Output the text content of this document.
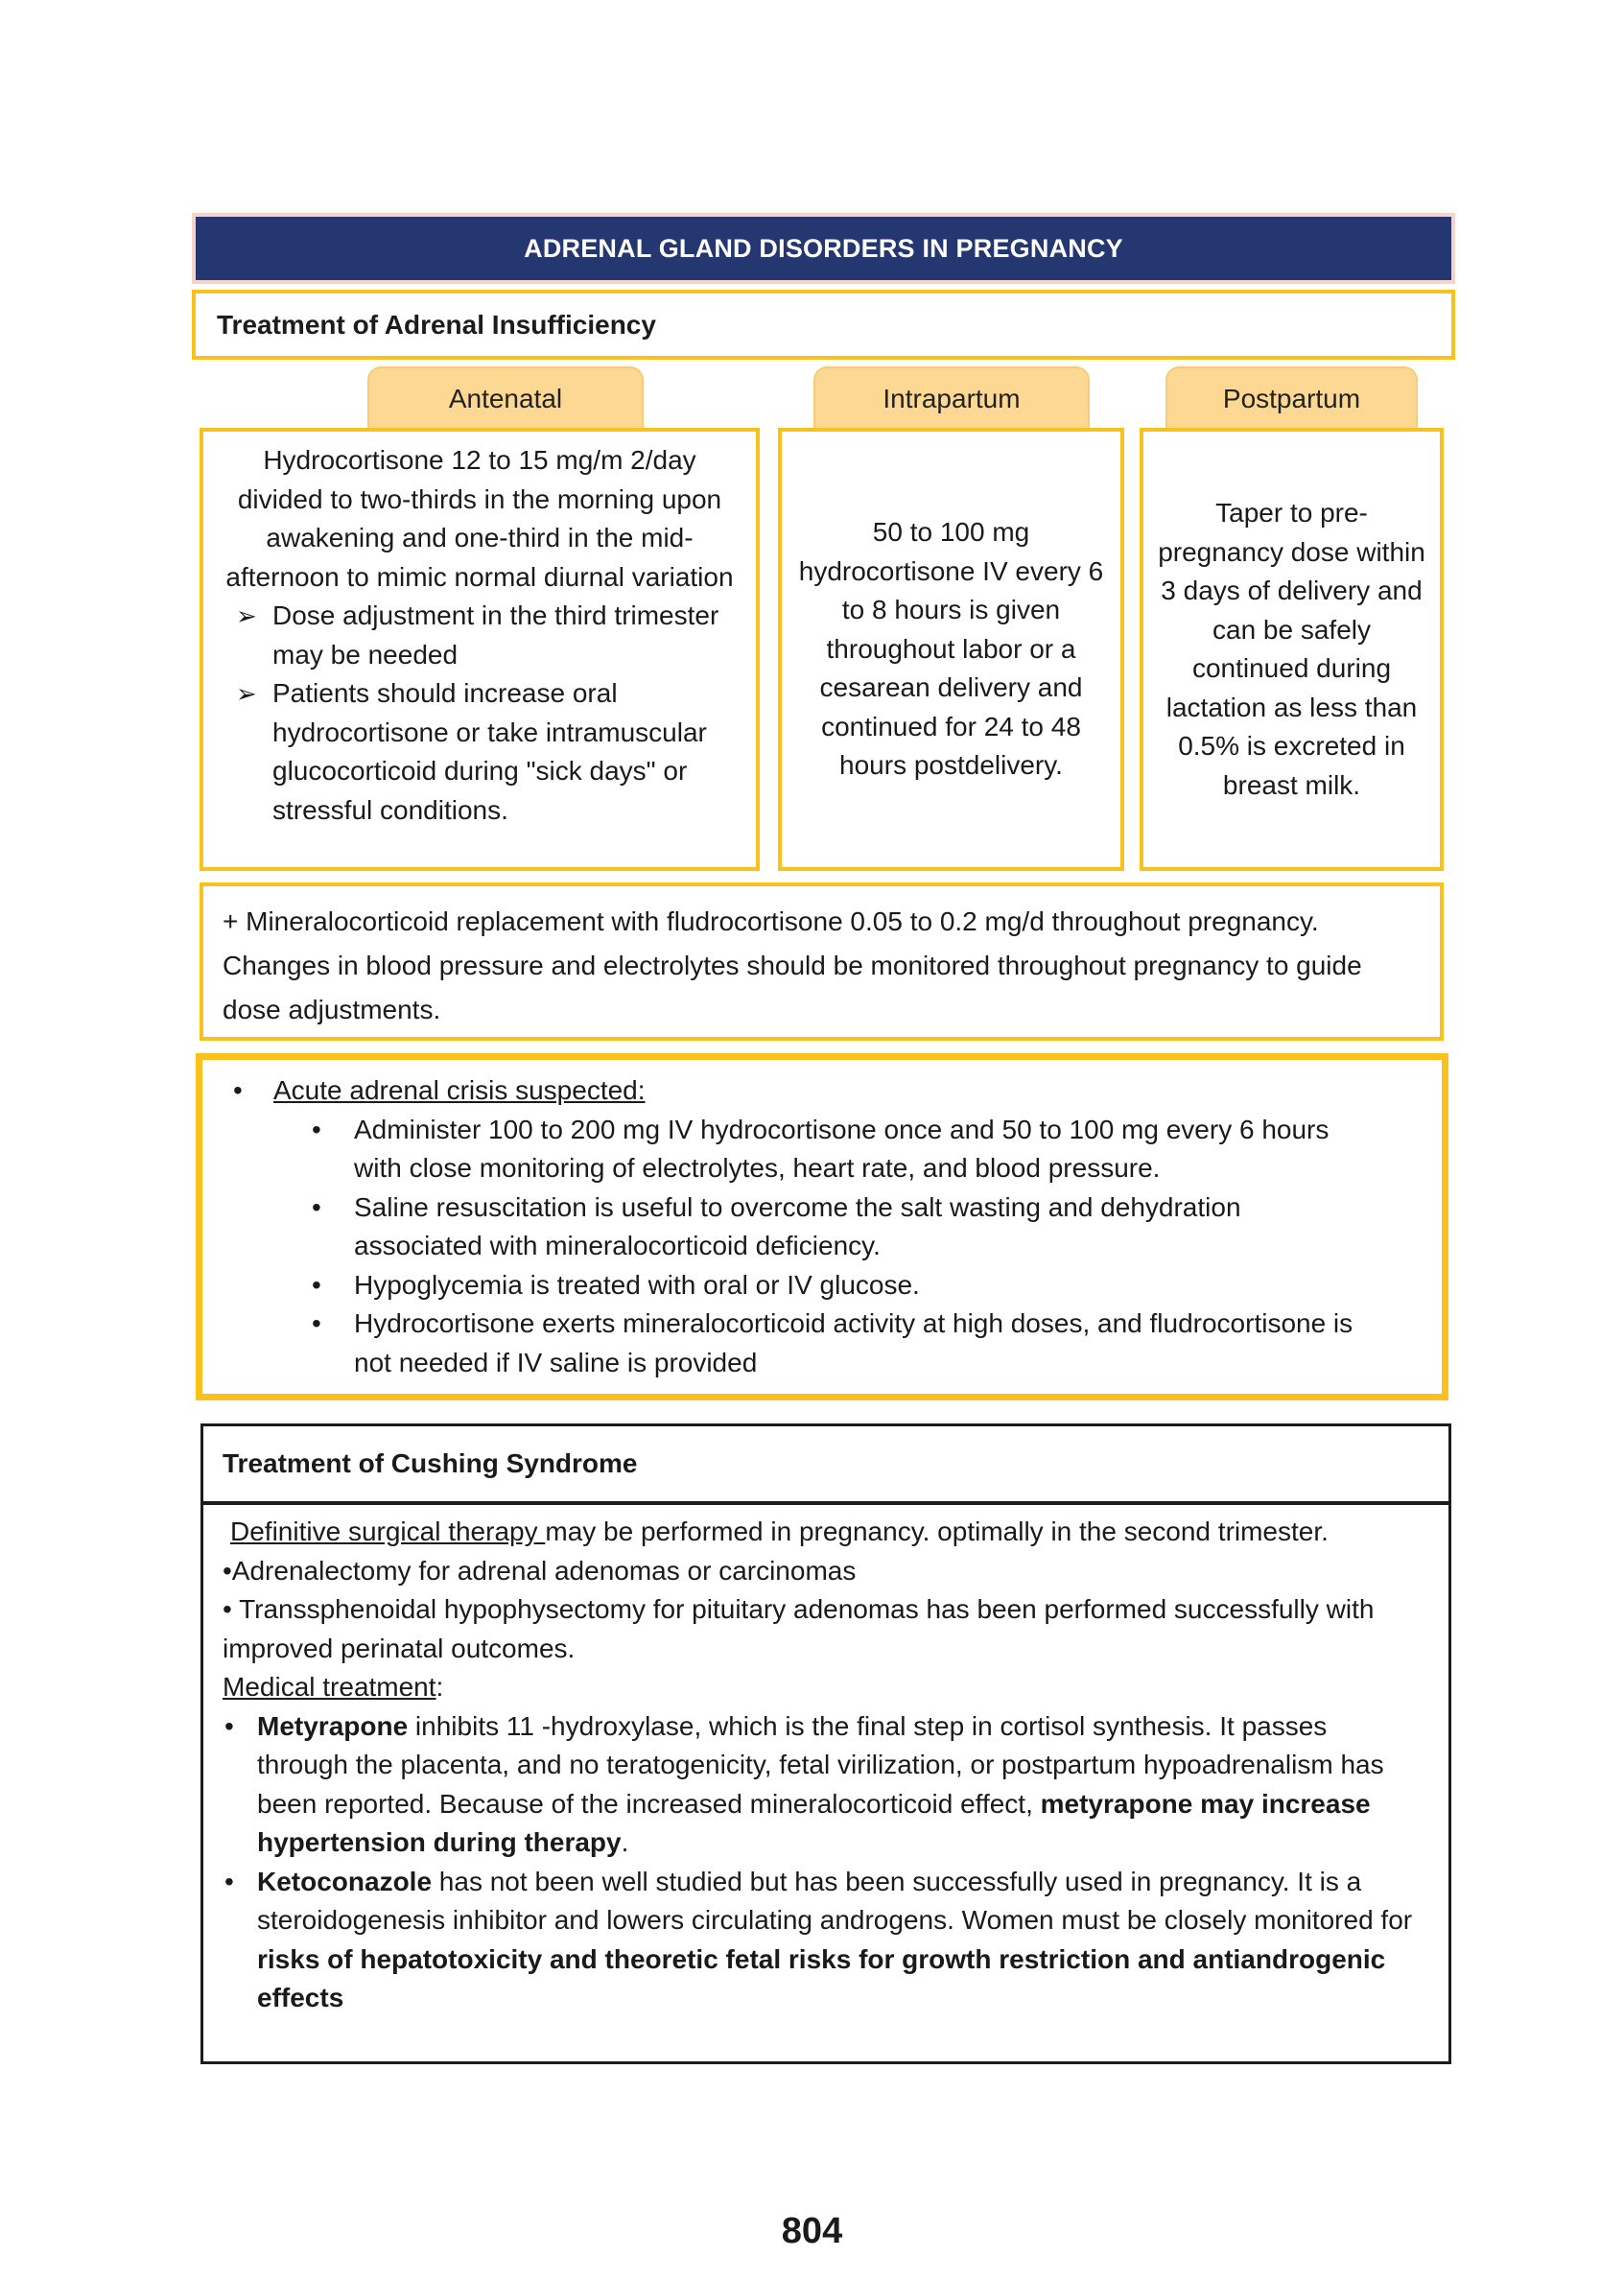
ADRENAL GLAND DISORDERS IN PREGNANCY
Treatment of Adrenal Insufficiency
Antenatal	Intrapartum	Postpartum

Hydrocortisone 12 to 15 mg/m 2/day divided to two-thirds in the morning upon awakening and one-third in the mid-afternoon to mimic normal diurnal variation

➢ Dose adjustment in the third trimester may be needed
➢ Patients should increase oral hydrocortisone or take intramuscular glucocorticoid during "sick days" or stressful conditions.
50 to 100 mg hydrocortisone IV every 6 to 8 hours is given throughout labor or a cesarean delivery and continued for 24 to 48 hours postdelivery.
Taper to pre-pregnancy dose within 3 days of delivery and can be safely continued during lactation as less than 0.5% is excreted in breast milk.
+ Mineralocorticoid replacement with fludrocortisone 0.05 to 0.2 mg/d throughout pregnancy. Changes in blood pressure and electrolytes should be monitored throughout pregnancy to guide dose adjustments.
• Acute adrenal crisis suspected:
• Administer 100 to 200 mg IV hydrocortisone once and 50 to 100 mg every 6 hours with close monitoring of electrolytes, heart rate, and blood pressure.
• Saline resuscitation is useful to overcome the salt wasting and dehydration associated with mineralocorticoid deficiency.
• Hypoglycemia is treated with oral or IV glucose.
• Hydrocortisone exerts mineralocorticoid activity at high doses, and fludrocortisone is not needed if IV saline is provided
Treatment of Cushing Syndrome

Definitive surgical therapy may be performed in pregnancy. optimally in the second trimester.

•Adrenalectomy for adrenal adenomas or carcinomas

• Transsphenoidal hypophysectomy for pituitary adenomas has been performed successfully with improved perinatal outcomes.

Medical treatment:

• Metyrapone inhibits 11 -hydroxylase, which is the final step in cortisol synthesis. It passes through the placenta, and no teratogenicity, fetal virilization, or postpartum hypoadrenalism has been reported. Because of the increased mineralocorticoid effect, metyrapone may increase hypertension during therapy.
• Ketoconazole has not been well studied but has been successfully used in pregnancy. It is a steroidogenesis inhibitor and lowers circulating androgens. Women must be closely monitored for risks of hepatotoxicity and theoretic fetal risks for growth restriction and antiandrogenic effects
804
